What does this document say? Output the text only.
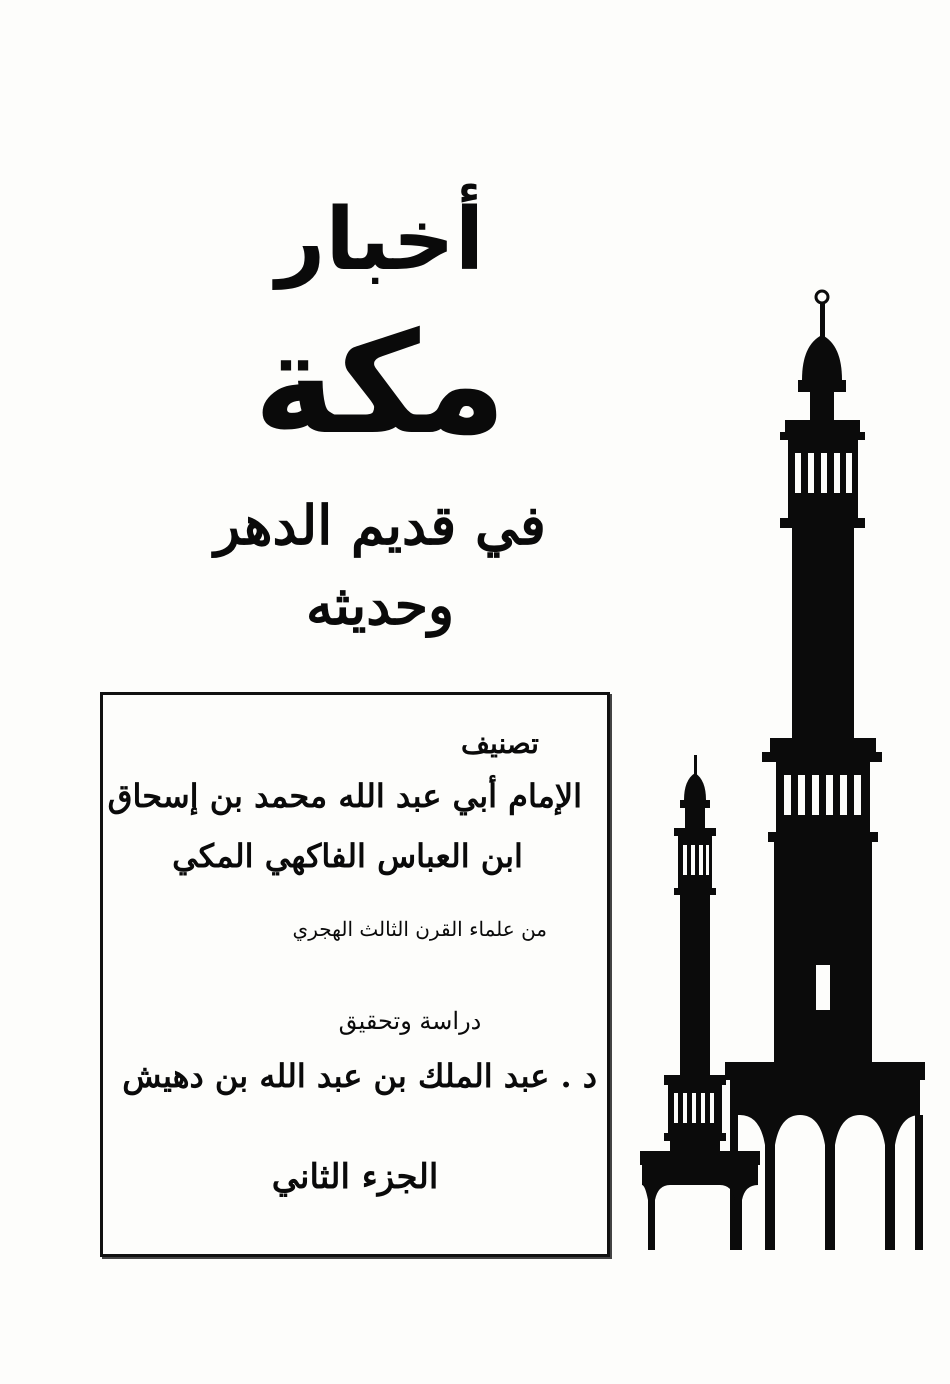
أخبار
مكة
في قديم الدهر وحديثه
تصنيف
الإمام أبي عبد الله محمد بن إسحاق
ابن العباس الفاكهي المكي
من علماء القرن الثالث الهجري
دراسة وتحقيق
د . عبد الملك بن عبد الله بن دهيش
الجزء الثاني
